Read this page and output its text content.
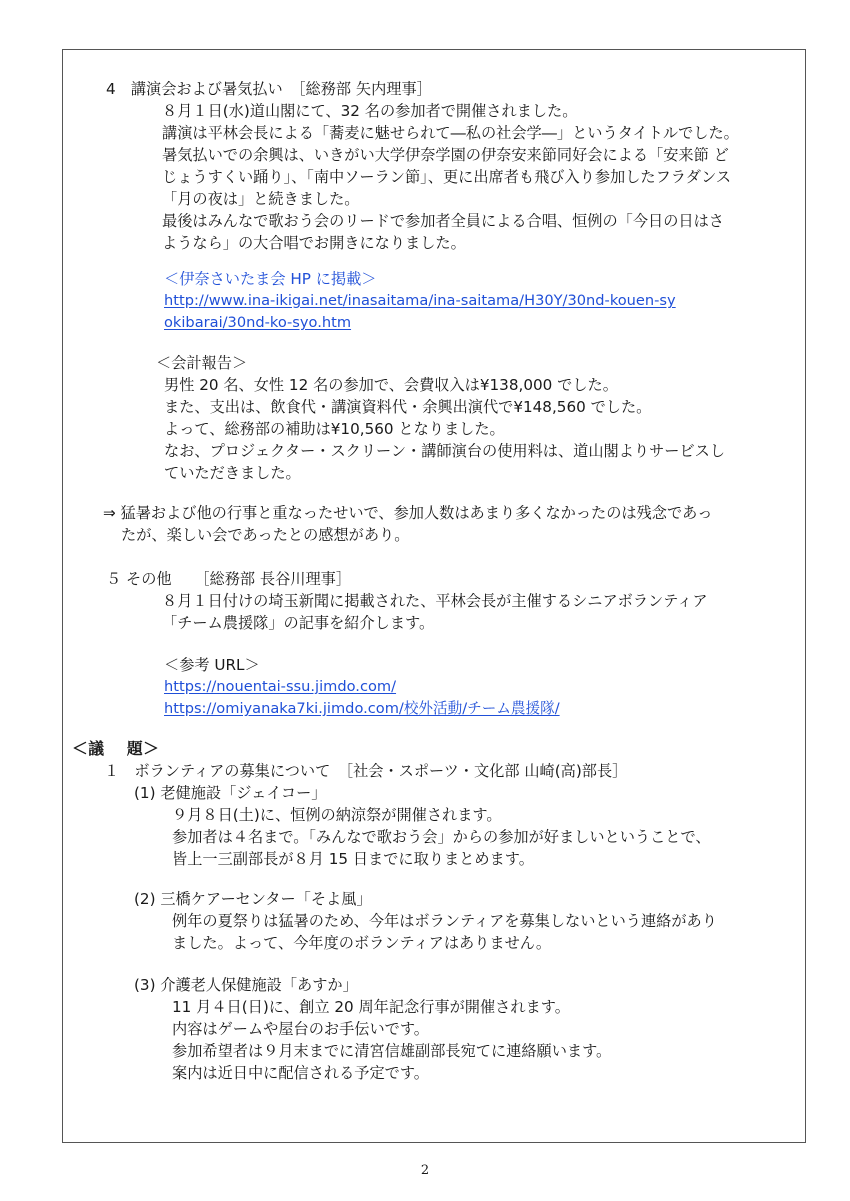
4　講演会および暑気払い　［総務部 矢内理事］
８月１日(水)道山閣にて、32 名の参加者で開催されました。
講演は平林会長による「蕎麦に魅せられて―私の社会学―」というタイトルでした。
暑気払いでの余興は、いきがい大学伊奈学園の伊奈安来節同好会による「安来節 ど
じょうすくい踊り」、「南中ソーラン節」、更に出席者も飛び入り参加したフラダンス
「月の夜は」と続きました。
最後はみんなで歌おう会のリードで参加者全員による合唱、恒例の「今日の日はさ
ようなら」の大合唱でお開きになりました。
＜伊奈さいたま会 HP に掲載＞
http://www.ina-ikigai.net/inasaitama/ina-saitama/H30Y/30nd-kouen-sy
okibarai/30nd-ko-syo.htm
＜会計報告＞
男性 20 名、女性 12 名の参加で、会費収入は¥138,000 でした。
また、支出は、飲食代・講演資料代・余興出演代で¥148,560 でした。
よって、総務部の補助は¥10,560 となりました。
なお、プロジェクター・スクリーン・講師演台の使用料は、道山閣よりサービスし
ていただきました。
⇒ 猛暑および他の行事と重なったせいで、参加人数はあまり多くなかったのは残念であっ
たが、楽しい会であったとの感想があり。
５ その他　　［総務部 長谷川理事］
８月１日付けの埼玉新聞に掲載された、平林会長が主催するシニアボランティア
「チーム農援隊」の記事を紹介します。
＜参考 URL＞
https://nouentai-ssu.jimdo.com/
https://omiyanaka7ki.jimdo.com/校外活動/チーム農援隊/
＜議　 題＞
１　ボランティアの募集について　［社会・スポーツ・文化部 山崎(高)部長］
(1) 老健施設「ジェイコー」
９月８日(土)に、恒例の納涼祭が開催されます。
参加者は４名まで。「みんなで歌おう会」からの参加が好ましいということで、
皆上一三副部長が８月 15 日までに取りまとめます。
(2) 三橋ケアーセンター「そよ風」
例年の夏祭りは猛暑のため、今年はボランティアを募集しないという連絡があり
ました。よって、今年度のボランティアはありません。
(3) 介護老人保健施設「あすか」
11 月４日(日)に、創立 20 周年記念行事が開催されます。
内容はゲームや屋台のお手伝いです。
参加希望者は９月末までに清宮信雄副部長宛てに連絡願います。
案内は近日中に配信される予定です。
2
